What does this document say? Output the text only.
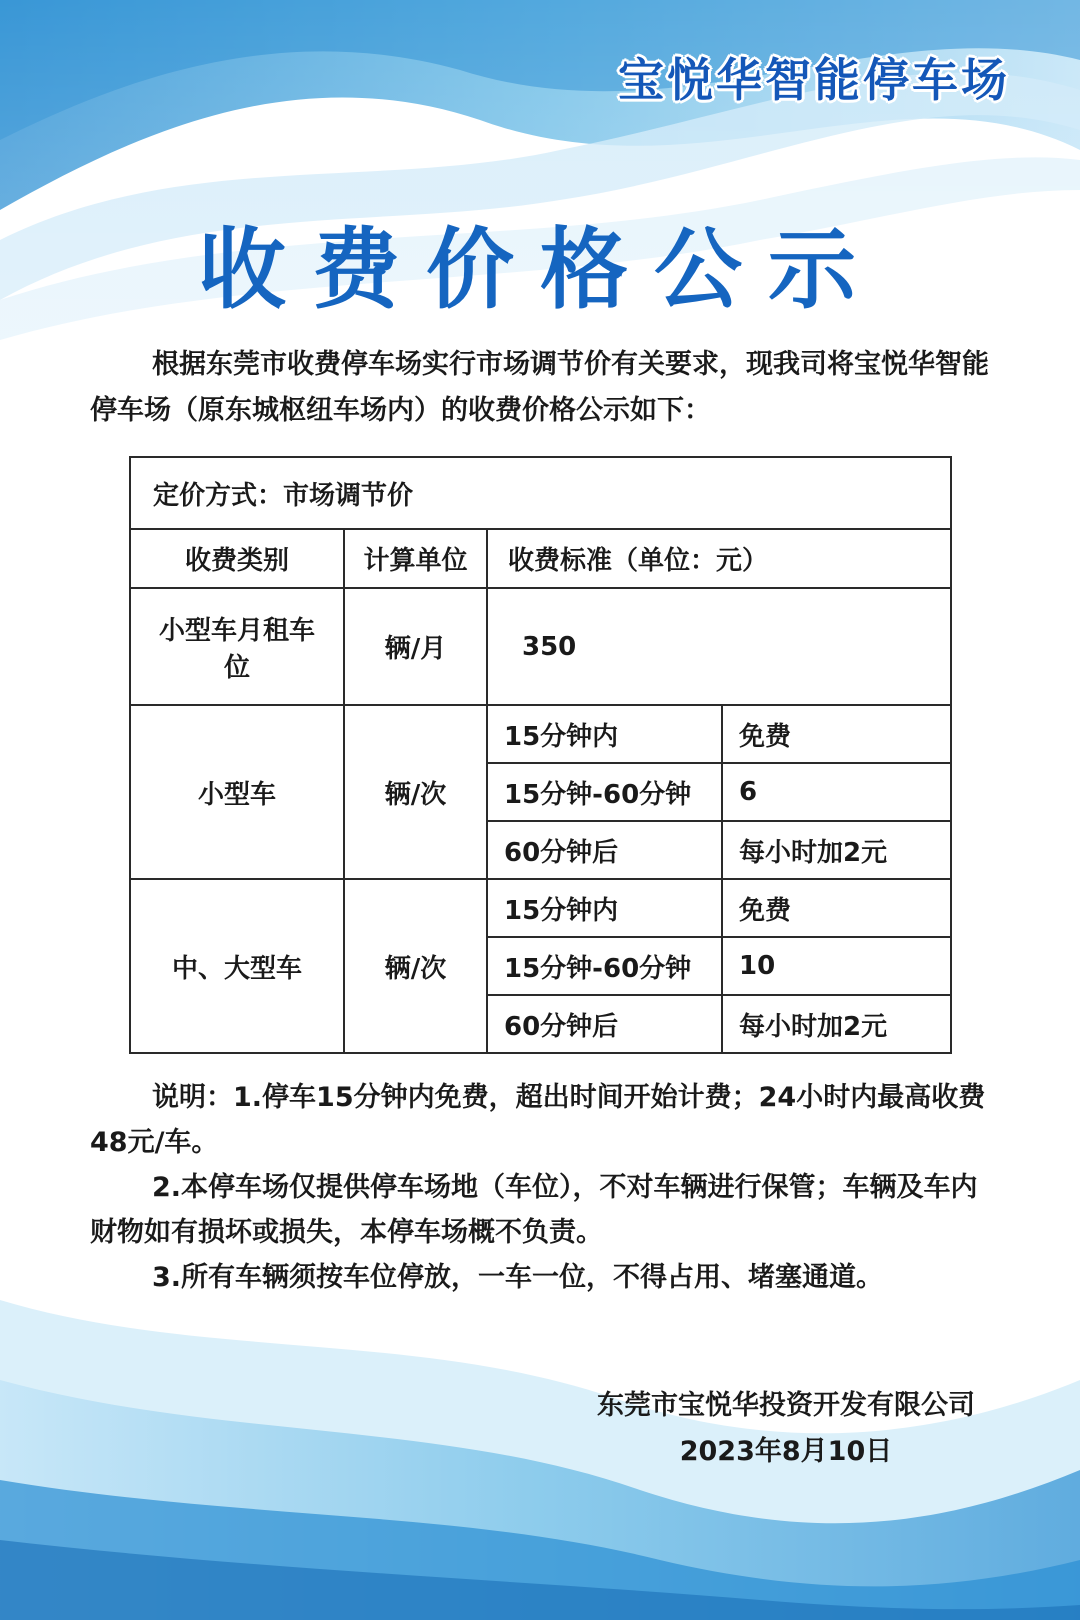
宝悦华智能停车场
收费价格公示
根据东莞市收费停车场实行市场调节价有关要求，现我司将宝悦华智能停车场（原东城枢纽车场内）的收费价格公示如下：
定价方式：市场调节价			
收费类别	计算单位	收费标准（单位：元）	
小型车月租车位	辆/月	350	
小型车	辆/次	15分钟内	免费
		15分钟-60分钟	6
		60分钟后	每小时加2元
中、大型车	辆/次	15分钟内	免费
		15分钟-60分钟	10
		60分钟后	每小时加2元

说明：1.停车15分钟内免费，超出时间开始计费；24小时内最高收费48元/车。

2.本停车场仅提供停车场地（车位），不对车辆进行保管；车辆及车内财物如有损坏或损失，本停车场概不负责。

3.所有车辆须按车位停放，一车一位，不得占用、堵塞通道。

东莞市宝悦华投资开发有限公司
2023年8月10日
